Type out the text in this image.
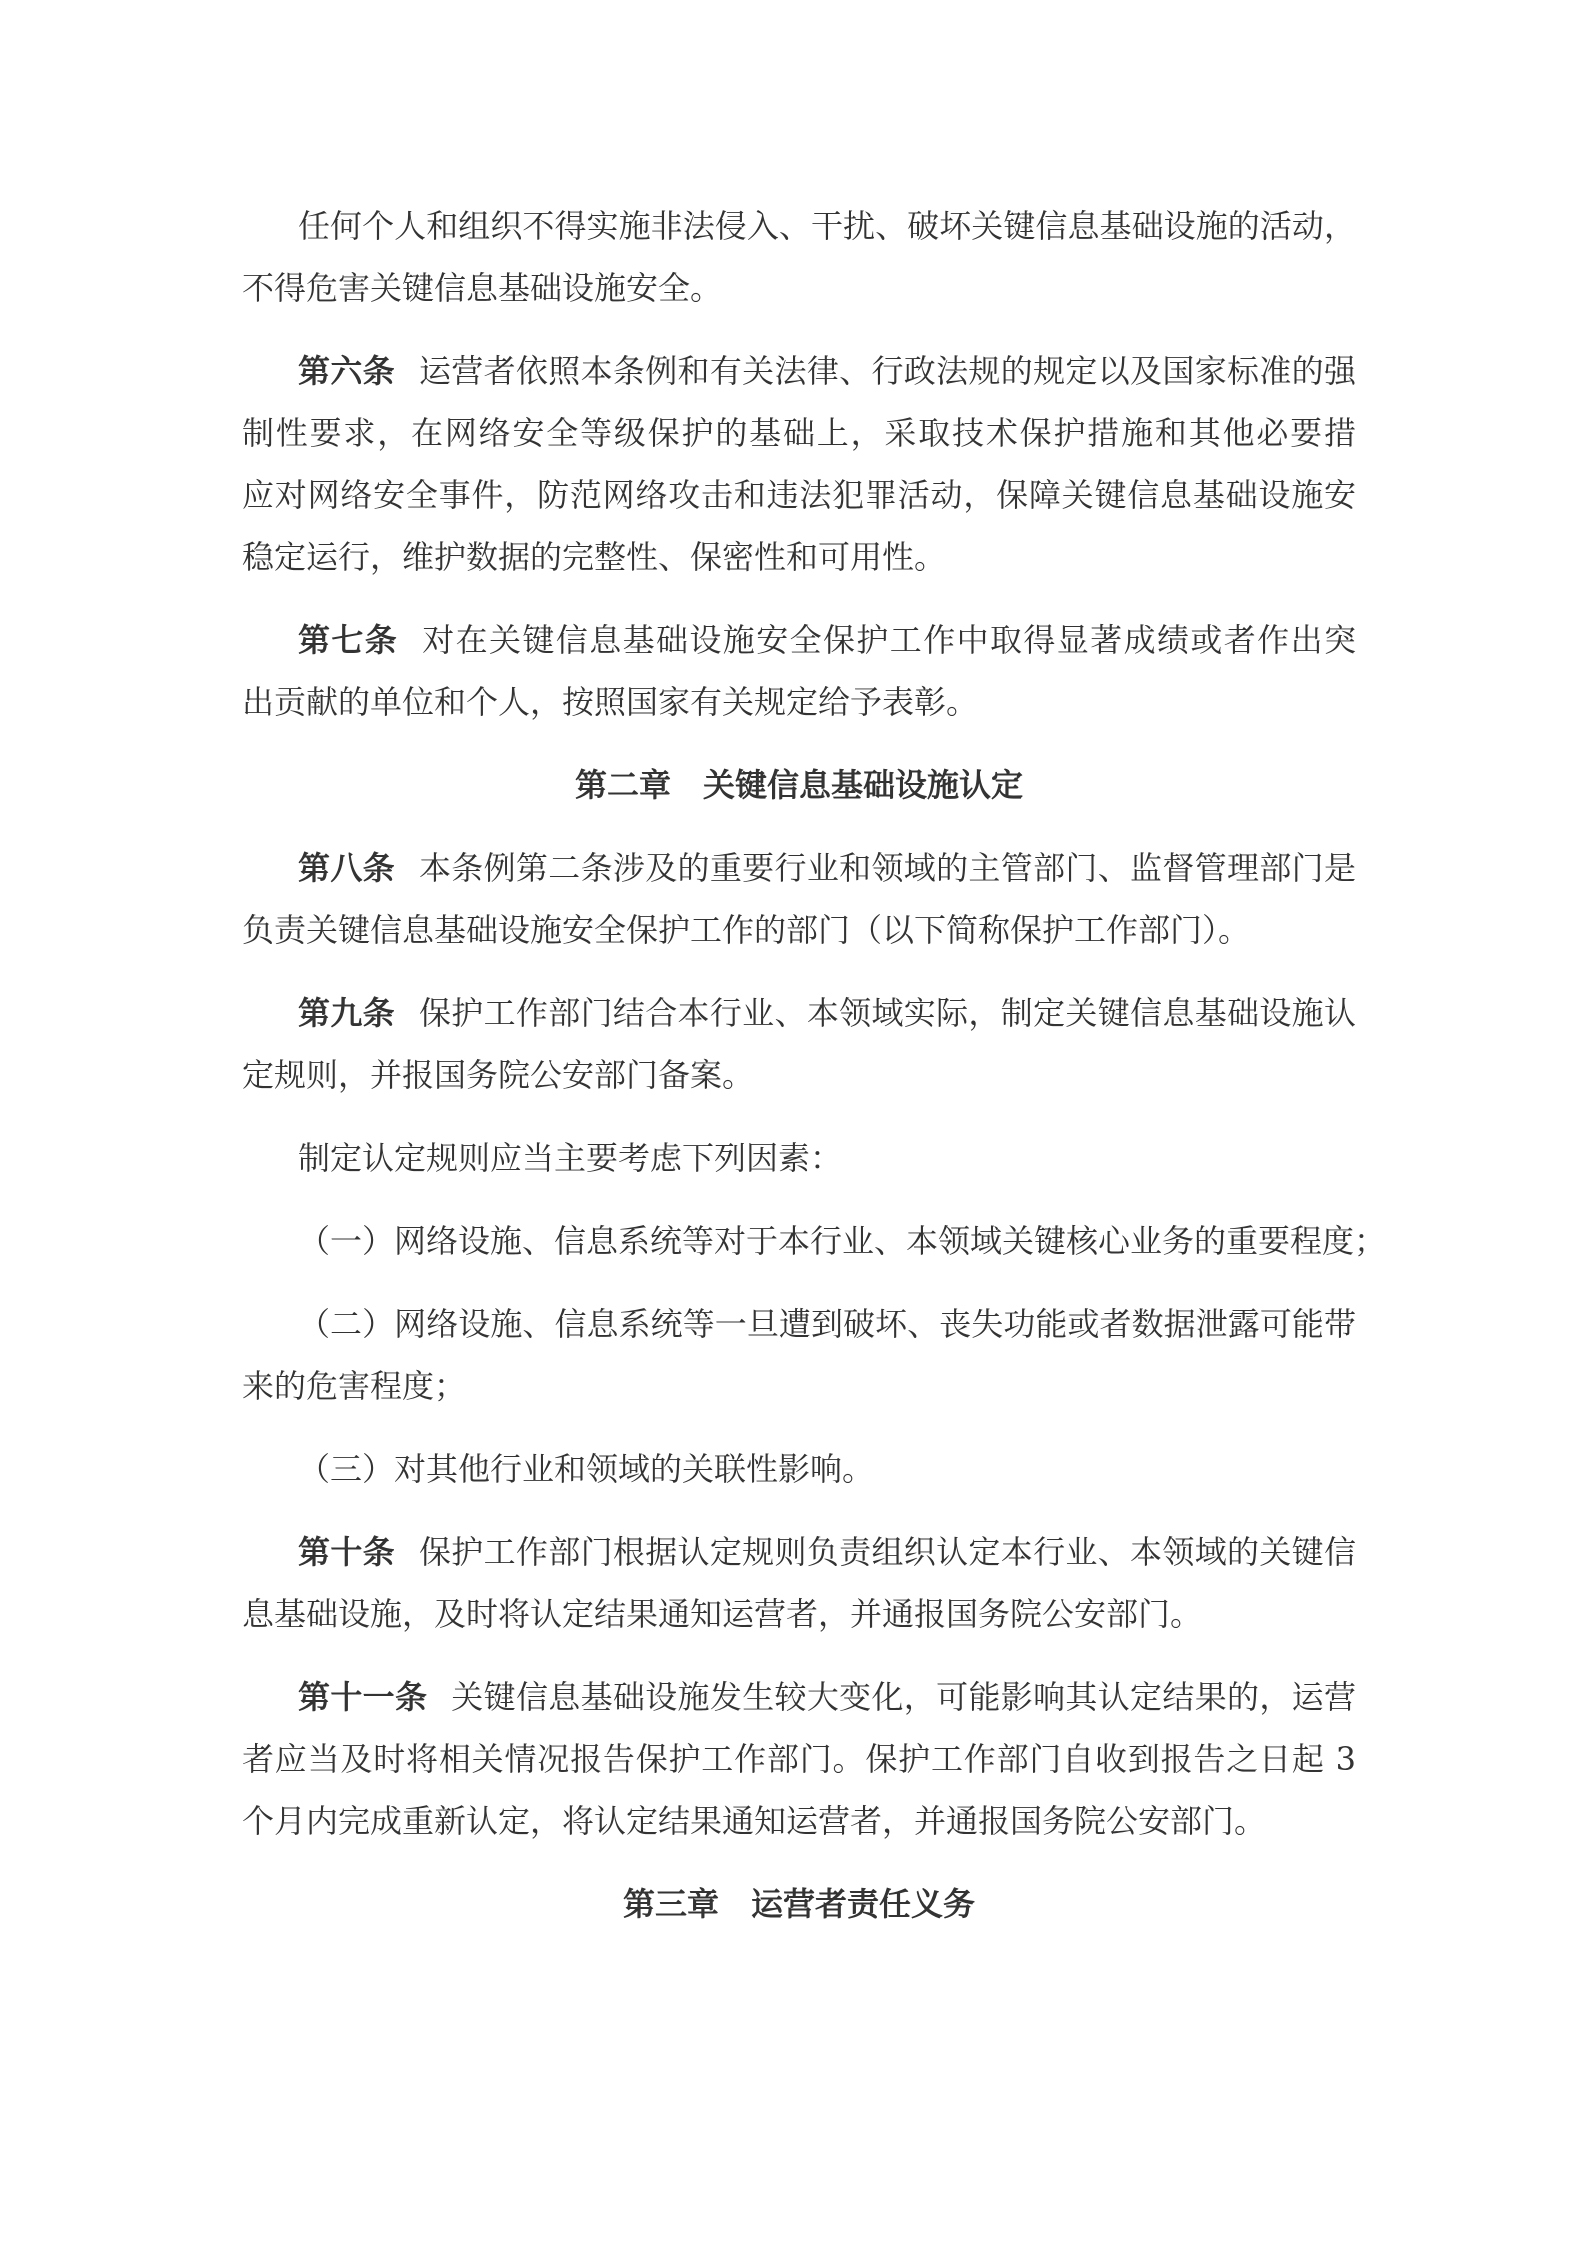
任何个人和组织不得实施非法侵入、干扰、破坏关键信息基础设施的活动，
不得危害关键信息基础设施安全。
第六条 运营者依照本条例和有关法律、行政法规的规定以及国家标准的强
制性要求，在网络安全等级保护的基础上，采取技术保护措施和其他必要措
应对网络安全事件，防范网络攻击和违法犯罪活动，保障关键信息基础设施安
稳定运行，维护数据的完整性、保密性和可用性。
第七条 对在关键信息基础设施安全保护工作中取得显著成绩或者作出突
出贡献的单位和个人，按照国家有关规定给予表彰。
第二章　关键信息基础设施认定
第八条 本条例第二条涉及的重要行业和领域的主管部门、监督管理部门是
负责关键信息基础设施安全保护工作的部门（以下简称保护工作部门）。
第九条 保护工作部门结合本行业、本领域实际，制定关键信息基础设施认
定规则，并报国务院公安部门备案。
制定认定规则应当主要考虑下列因素：
（一）网络设施、信息系统等对于本行业、本领域关键核心业务的重要程度；
（二）网络设施、信息系统等一旦遭到破坏、丧失功能或者数据泄露可能带
来的危害程度；
（三）对其他行业和领域的关联性影响。
第十条 保护工作部门根据认定规则负责组织认定本行业、本领域的关键信
息基础设施，及时将认定结果通知运营者，并通报国务院公安部门。
第十一条 关键信息基础设施发生较大变化，可能影响其认定结果的，运营
者应当及时将相关情况报告保护工作部门。保护工作部门自收到报告之日起 3
个月内完成重新认定，将认定结果通知运营者，并通报国务院公安部门。
第三章　运营者责任义务
